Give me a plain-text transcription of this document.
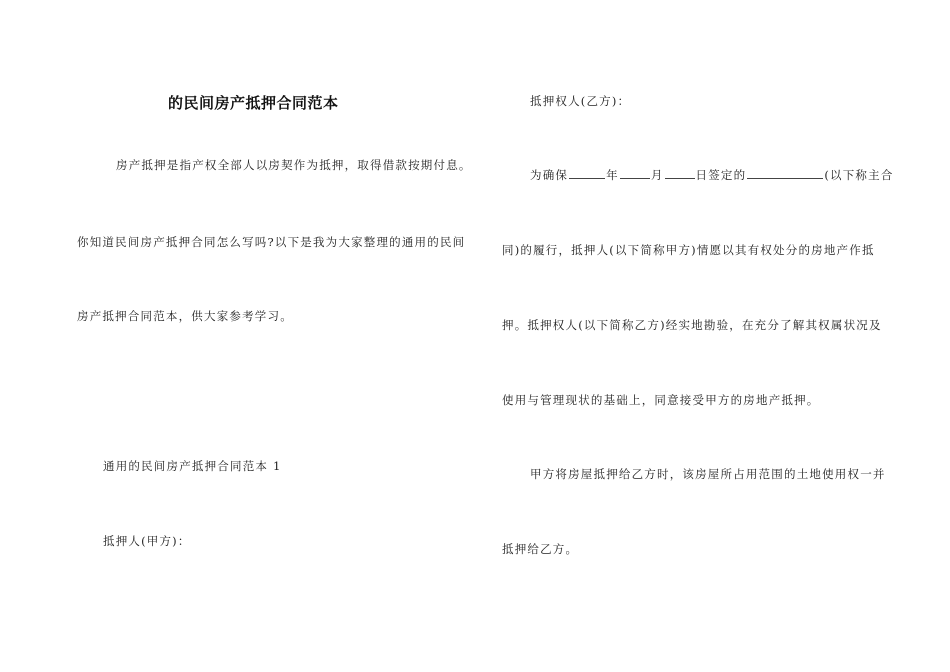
的民间房产抵押合同范本
房产抵押是指产权全部人以房契作为抵押，取得借款按期付息。
你知道民间房产抵押合同怎么写吗?以下是我为大家整理的通用的民间
房产抵押合同范本，供大家参考学习。
通用的民间房产抵押合同范本 1
抵押人(甲方)：
抵押权人(乙方)：
为确保	年	月	日签定的	(以下称主合
同)的履行，抵押人(以下简称甲方)情愿以其有权处分的房地产作抵
押。抵押权人(以下简称乙方)经实地勘验，在充分了解其权属状况及
使用与管理现状的基础上，同意接受甲方的房地产抵押。
甲方将房屋抵押给乙方时，该房屋所占用范围的土地使用权一并
抵押给乙方。
